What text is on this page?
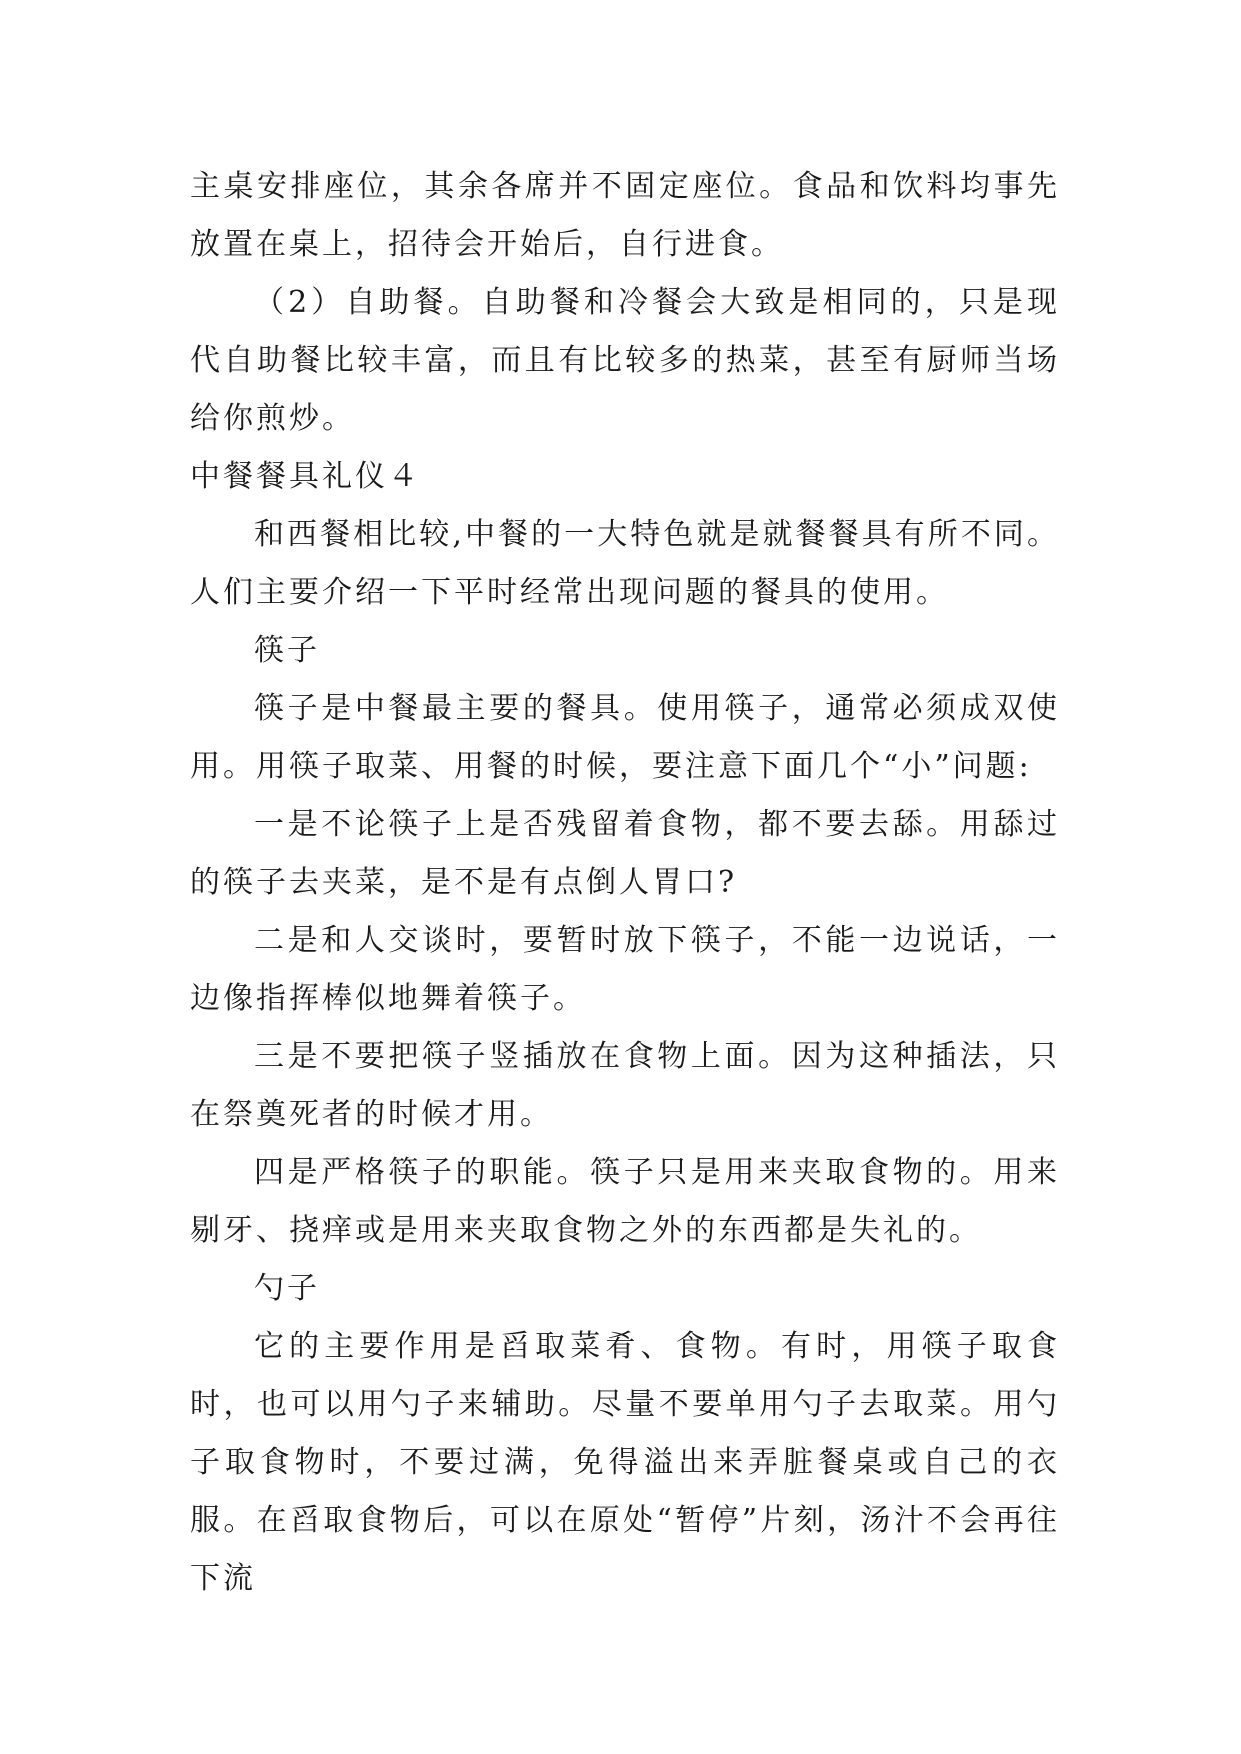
主桌安排座位，其余各席并不固定座位。食品和饮料均事先放置在桌上，招待会开始后，自行进食。

（2）自助餐。自助餐和冷餐会大致是相同的，只是现代自助餐比较丰富，而且有比较多的热菜，甚至有厨师当场给你煎炒。

中餐餐具礼仪４

和西餐相比较,中餐的一大特色就是就餐餐具有所不同。人们主要介绍一下平时经常出现问题的餐具的使用。

筷子

筷子是中餐最主要的餐具。使用筷子，通常必须成双使用。用筷子取菜、用餐的时候，要注意下面几个“小”问题:

一是不论筷子上是否残留着食物，都不要去舔。用舔过的筷子去夹菜，是不是有点倒人胃口?

二是和人交谈时，要暂时放下筷子，不能一边说话，一边像指挥棒似地舞着筷子。

三是不要把筷子竖插放在食物上面。因为这种插法，只在祭奠死者的时候才用。

四是严格筷子的职能。筷子只是用来夹取食物的。用来剔牙、挠痒或是用来夹取食物之外的东西都是失礼的。

勺子

它的主要作用是舀取菜肴、食物。有时，用筷子取食时，也可以用勺子来辅助。尽量不要单用勺子去取菜。用勺子取食物时，不要过满，免得溢出来弄脏餐桌或自己的衣服。在舀取食物后，可以在原处“暂停”片刻，汤汁不会再往下流
